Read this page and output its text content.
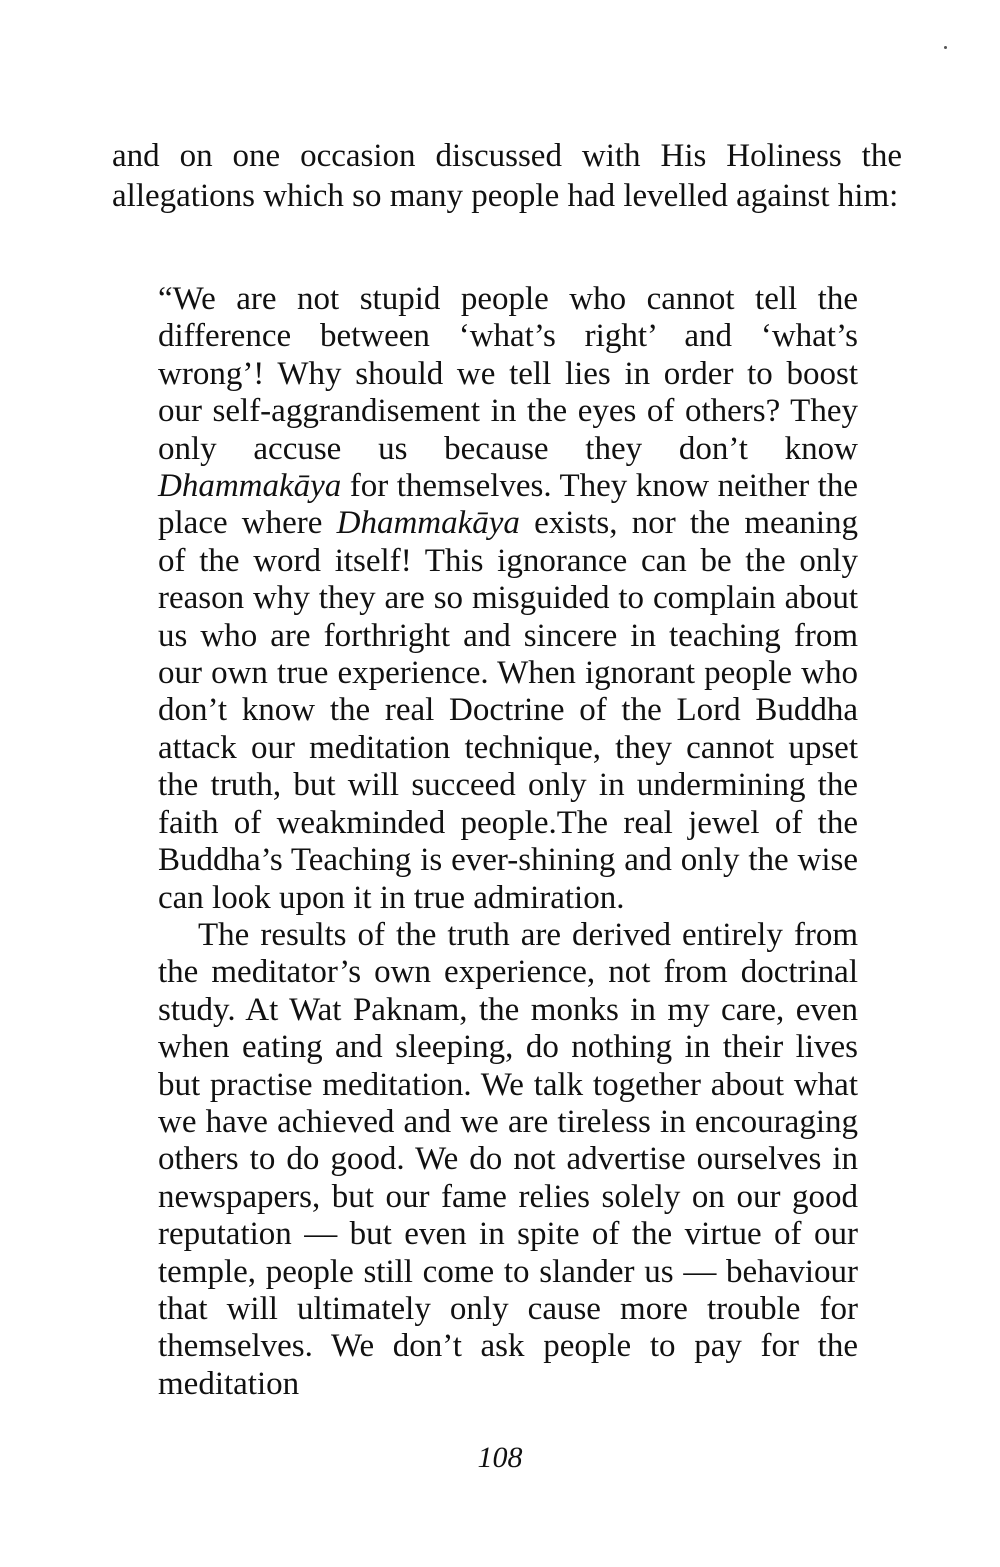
and on one occasion discussed with His Holiness the allegations which so many people had levelled against him:

“We are not stupid people who cannot tell the difference between ‘what’s right’ and ‘what’s wrong’! Why should we tell lies in order to boost our self-aggrandisement in the eyes of others? They only accuse us because they don’t know Dhammakāya for themselves. They know neither the place where Dhammakāya exists, nor the meaning of the word itself! This ignorance can be the only reason why they are so misguided to complain about us who are forthright and sincere in teaching from our own true experience. When ignorant people who don’t know the real Doctrine of the Lord Buddha attack our meditation technique, they cannot upset the truth, but will succeed only in undermining the faith of weakminded people.The real jewel of the Buddha’s Teaching is ever-shining and only the wise can look upon it in true admiration.

The results of the truth are derived entirely from the meditator’s own experience, not from doctrinal study. At Wat Paknam, the monks in my care, even when eating and sleeping, do nothing in their lives but practise meditation. We talk together about what we have achieved and we are tireless in encouraging others to do good. We do not advertise ourselves in newspapers, but our fame relies solely on our good reputation — but even in spite of the virtue of our temple, people still come to slander us — behaviour that will ultimately only cause more trouble for themselves. We don’t ask people to pay for the meditation

108
